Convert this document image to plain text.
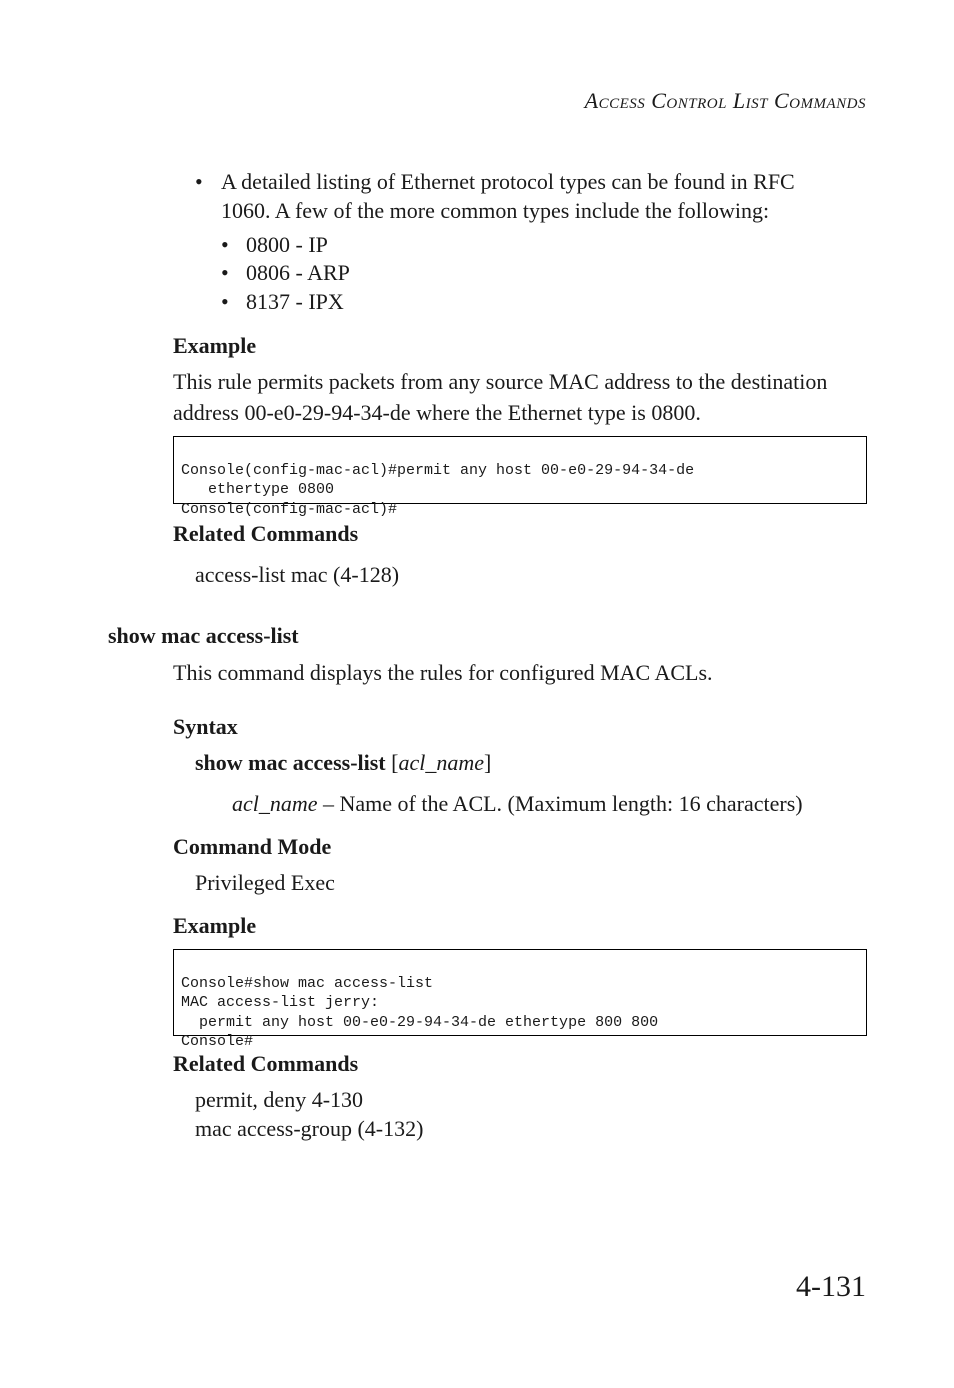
Access Control List Commands
• A detailed listing of Ethernet protocol types can be found in RFC
1060. A few of the more common types include the following:
• 0800 - IP
• 0806 - ARP
• 8137 - IPX
Example
This rule permits packets from any source MAC address to the destination
address 00-e0-29-94-34-de where the Ethernet type is 0800.

Console(config-mac-acl)#permit any host 00-e0-29-94-34-de
ethertype 0800
Console(config-mac-acl)#

Related Commands
access-list mac (4-128)
show mac access-list
This command displays the rules for configured MAC ACLs.
Syntax
show mac access-list [acl_name]
acl_name – Name of the ACL. (Maximum length: 16 characters)
Command Mode
Privileged Exec
Example

Console#show mac access-list
MAC access-list jerry:
permit any host 00-e0-29-94-34-de ethertype 800 800
Console#

Related Commands
permit, deny 4-130
mac access-group (4-132)
4-131
